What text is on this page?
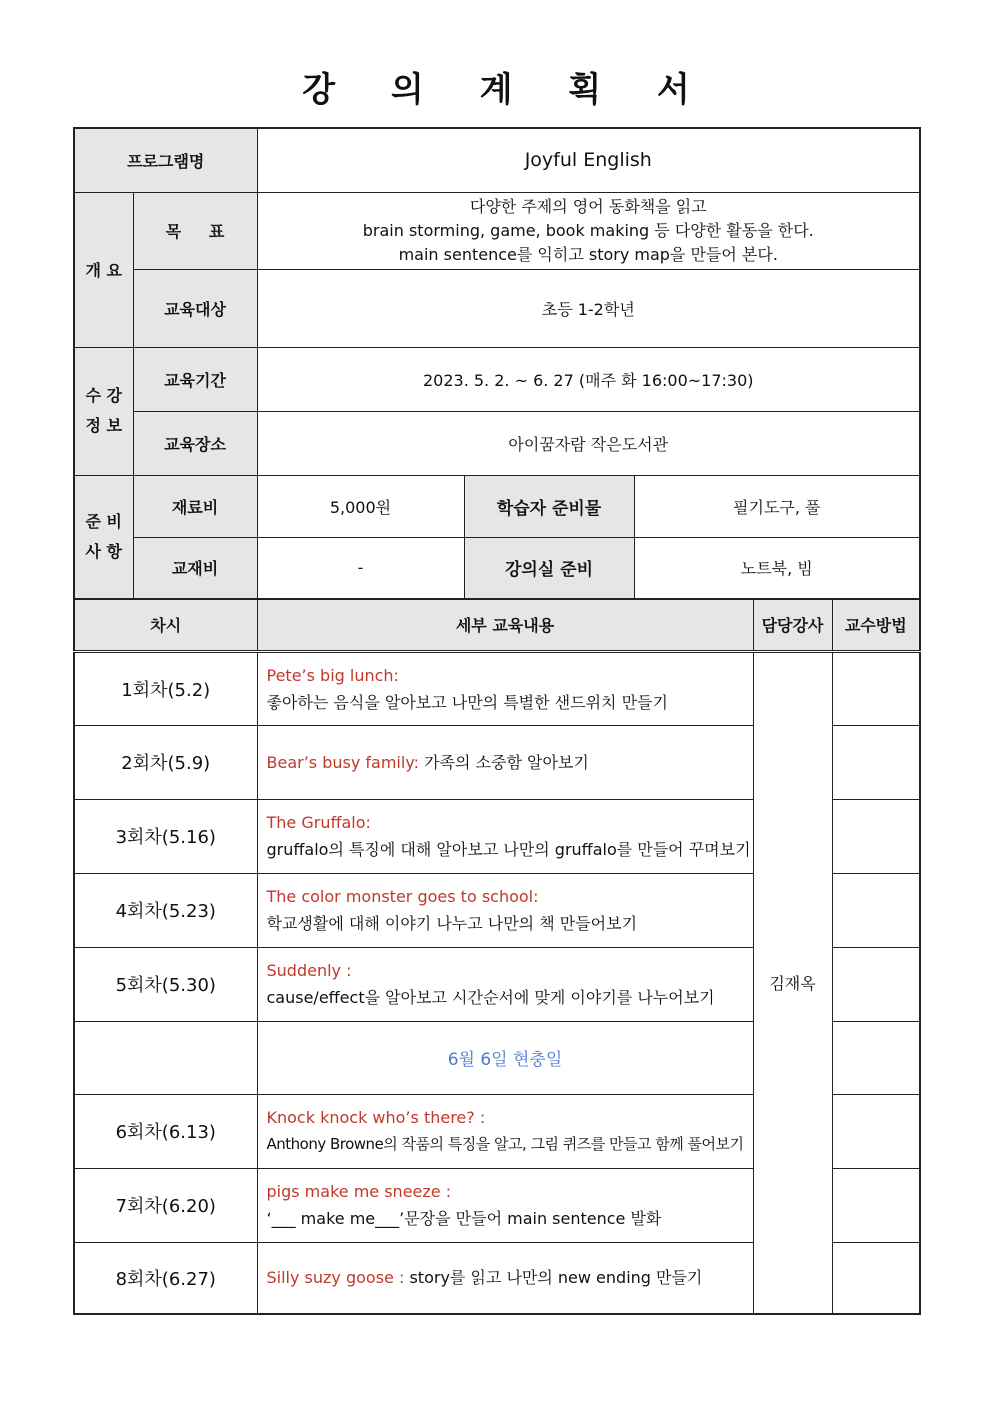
강 의 계 획 서
프로그램명		Joyful English		
개 요	목     표	다양한 주제의 영어 동화책을 읽고
brain storming, game, book making 등 다양한 활동을 한다.
main sentence를 익히고 story map을 만들어 본다.		

	교육대상	초등 1-2학년		

수 강
정 보	교육기간	2023. 5. 2. ~ 6. 27 (매주 화 16:00~17:30)		
	교육장소	아이꿈자람 작은도서관		

준 비
사 항	재료비	5,000원	학습자 준비물	필기도구, 풀
	교재비	-	강의실 준비	노트북, 빔
차시	세부 교육내용	담당강사	교수방법
1회차(5.2)	Pete’s big lunch:
좋아하는 음식을 알아보고 나만의 특별한 샌드위치 만들기	김재옥	
2회차(5.9)	Bear’s busy family: 가족의 소중함 알아보기		
3회차(5.16)	The Gruffalo:
gruffalo의 특징에 대해 알아보고 나만의 gruffalo를 만들어 꾸며보기		

4회차(5.23)	The color monster goes to school:
학교생활에 대해 이야기 나누고 나만의 책 만들어보기		

5회차(5.30)	Suddenly :
cause/effect을 알아보고 시간순서에 맞게 이야기를 나누어보기		

	6월 6일 현충일		
6회차(6.13)	Knock knock who’s there? :
Anthony Browne의 작품의 특징을 알고, 그림 퀴즈를 만들고 함께 풀어보기		

7회차(6.20)	pigs make me sneeze :
‘___ make me___’문장을 만들어 main sentence 발화		

8회차(6.27)	Silly suzy goose : story를 읽고 나만의 new ending 만들기		
